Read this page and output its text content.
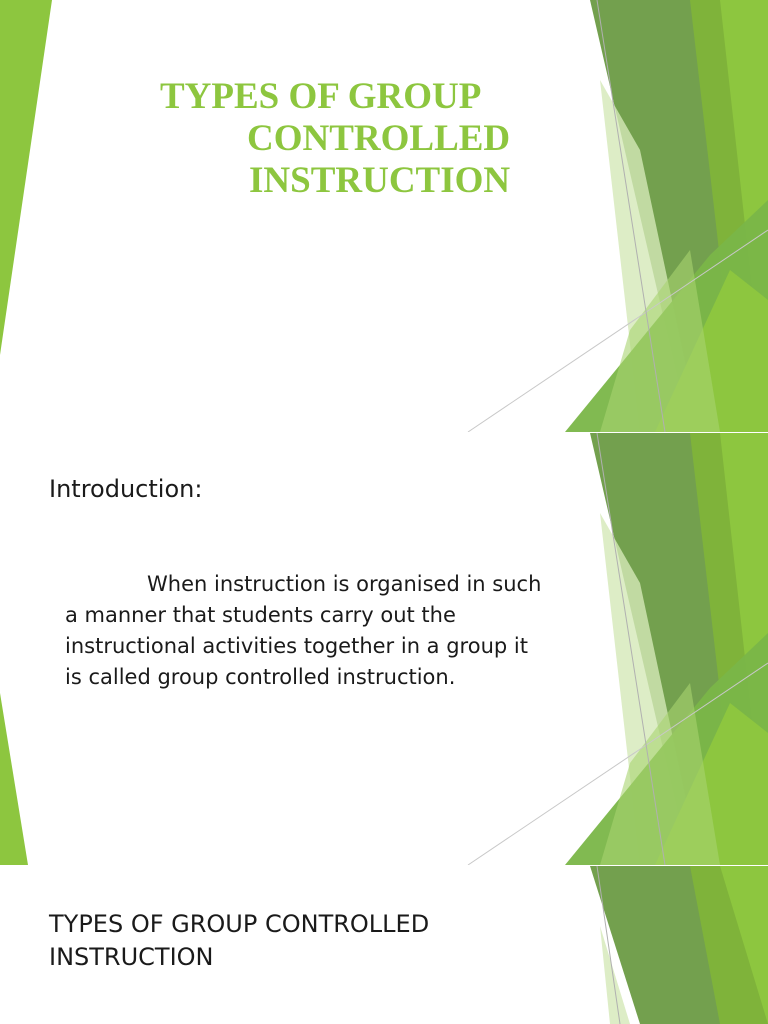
TYPES OF GROUP
CONTROLLED
INSTRUCTION
Introduction:

When instruction is organised in such
a manner that students carry out the
instructional activities together in a group it
is called group controlled instruction.

TYPES OF GROUP CONTROLLED
INSTRUCTION
